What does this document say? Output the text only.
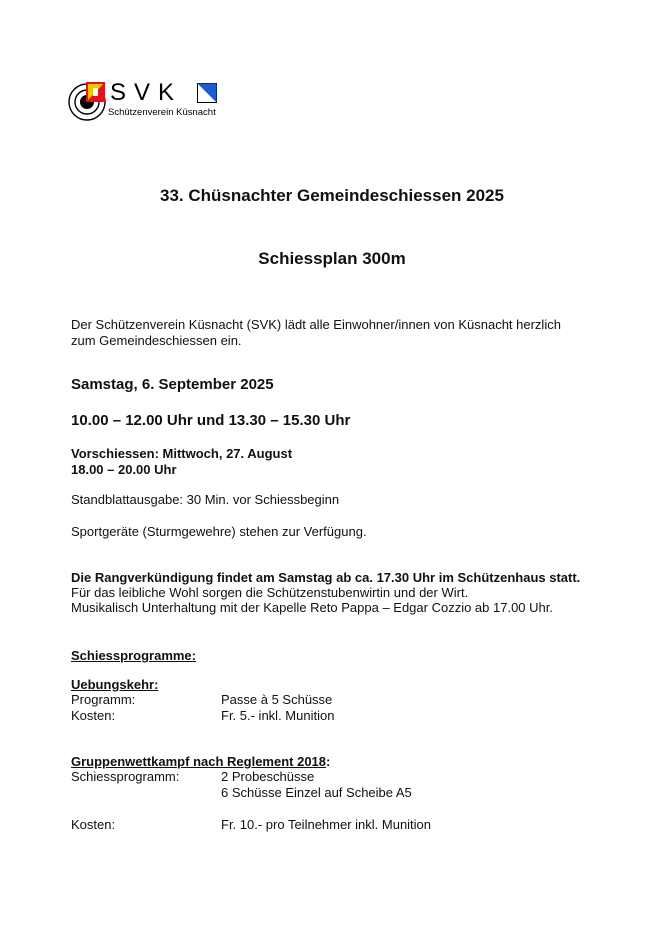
SVK
Schützenverein Küsnacht
33. Chüsnachter Gemeindeschiessen 2025
Schiessplan 300m
Der Schützenverein Küsnacht (SVK) lädt alle Einwohner/innen von Küsnacht herzlich
zum Gemeindeschiessen ein.
Samstag, 6. September 2025
10.00 – 12.00 Uhr und 13.30 – 15.30 Uhr
Vorschiessen: Mittwoch, 27. August
18.00 – 20.00 Uhr
Standblattausgabe: 30 Min. vor Schiessbeginn
Sportgeräte (Sturmgewehre) stehen zur Verfügung.
Die Rangverkündigung findet am Samstag ab ca. 17.30 Uhr im Schützenhaus statt.
Für das leibliche Wohl sorgen die Schützenstubenwirtin und der Wirt.
Musikalisch Unterhaltung mit der Kapelle Reto Pappa – Edgar Cozzio ab 17.00 Uhr.
Schiessprogramme:
Uebungskehr:
Programm:	Passe à 5 Schüsse
Kosten:	Fr. 5.- inkl. Munition
Gruppenwettkampf nach Reglement 2018:
Schiessprogramm:	2 Probeschüsse
6 Schüsse Einzel auf Scheibe A5
Kosten:	Fr. 10.- pro Teilnehmer inkl. Munition
